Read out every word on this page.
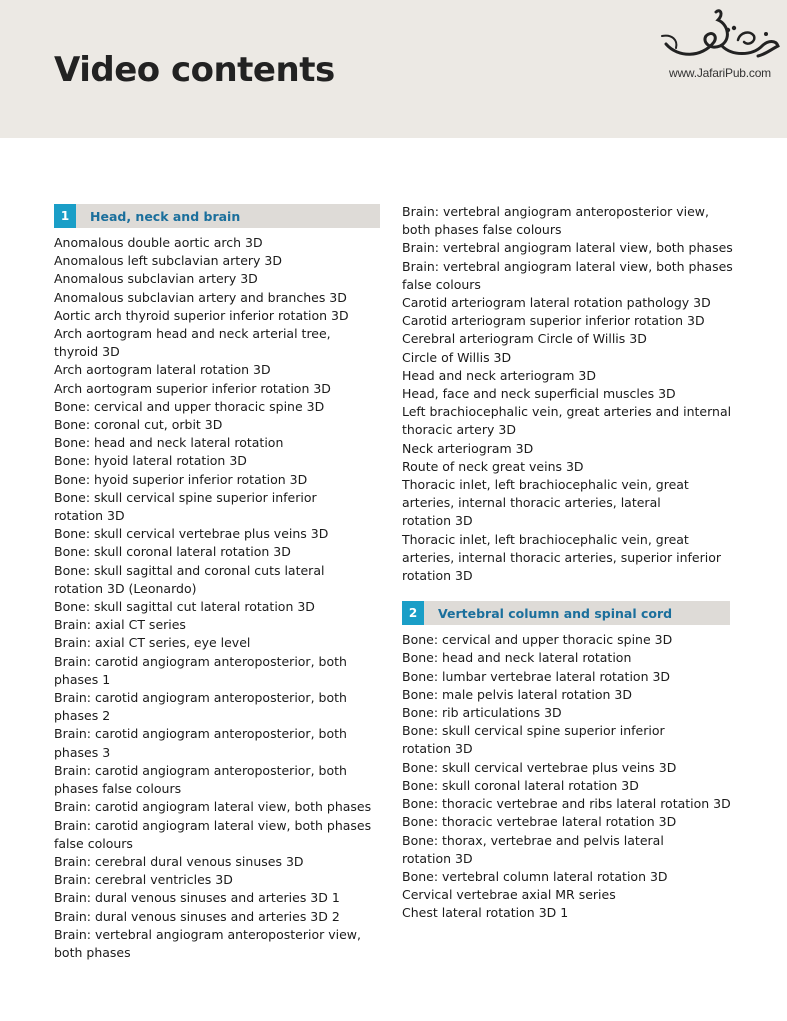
Video contents	www.JafariPub.com
1	Head, neck and brain
Anomalous double aortic arch 3D
Anomalous left subclavian artery 3D
Anomalous subclavian artery 3D
Anomalous subclavian artery and branches 3D
Aortic arch thyroid superior inferior rotation 3D
Arch aortogram head and neck arterial tree,
thyroid 3D
Arch aortogram lateral rotation 3D
Arch aortogram superior inferior rotation 3D
Bone: cervical and upper thoracic spine 3D
Bone: coronal cut, orbit 3D
Bone: head and neck lateral rotation
Bone: hyoid lateral rotation 3D
Bone: hyoid superior inferior rotation 3D
Bone: skull cervical spine superior inferior
rotation 3D
Bone: skull cervical vertebrae plus veins 3D
Bone: skull coronal lateral rotation 3D
Bone: skull sagittal and coronal cuts lateral
rotation 3D (Leonardo)
Bone: skull sagittal cut lateral rotation 3D
Brain: axial CT series
Brain: axial CT series, eye level
Brain: carotid angiogram anteroposterior, both
phases 1
Brain: carotid angiogram anteroposterior, both
phases 2
Brain: carotid angiogram anteroposterior, both
phases 3
Brain: carotid angiogram anteroposterior, both
phases false colours
Brain: carotid angiogram lateral view, both phases
Brain: carotid angiogram lateral view, both phases
false colours
Brain: cerebral dural venous sinuses 3D
Brain: cerebral ventricles 3D
Brain: dural venous sinuses and arteries 3D 1
Brain: dural venous sinuses and arteries 3D 2
Brain: vertebral angiogram anteroposterior view,
both phases
Brain: vertebral angiogram anteroposterior view,
both phases false colours
Brain: vertebral angiogram lateral view, both phases
Brain: vertebral angiogram lateral view, both phases
false colours
Carotid arteriogram lateral rotation pathology 3D
Carotid arteriogram superior inferior rotation 3D
Cerebral arteriogram Circle of Willis 3D
Circle of Willis 3D
Head and neck arteriogram 3D
Head, face and neck superficial muscles 3D
Left brachiocephalic vein, great arteries and internal
thoracic artery 3D
Neck arteriogram 3D
Route of neck great veins 3D
Thoracic inlet, left brachiocephalic vein, great
arteries, internal thoracic arteries, lateral
rotation 3D
Thoracic inlet, left brachiocephalic vein, great
arteries, internal thoracic arteries, superior inferior
rotation 3D
2	Vertebral column and spinal cord
Bone: cervical and upper thoracic spine 3D
Bone: head and neck lateral rotation
Bone: lumbar vertebrae lateral rotation 3D
Bone: male pelvis lateral rotation 3D
Bone: rib articulations 3D
Bone: skull cervical spine superior inferior
rotation 3D
Bone: skull cervical vertebrae plus veins 3D
Bone: skull coronal lateral rotation 3D
Bone: thoracic vertebrae and ribs lateral rotation 3D
Bone: thoracic vertebrae lateral rotation 3D
Bone: thorax, vertebrae and pelvis lateral
rotation 3D
Bone: vertebral column lateral rotation 3D
Cervical vertebrae axial MR series
Chest lateral rotation 3D 1
